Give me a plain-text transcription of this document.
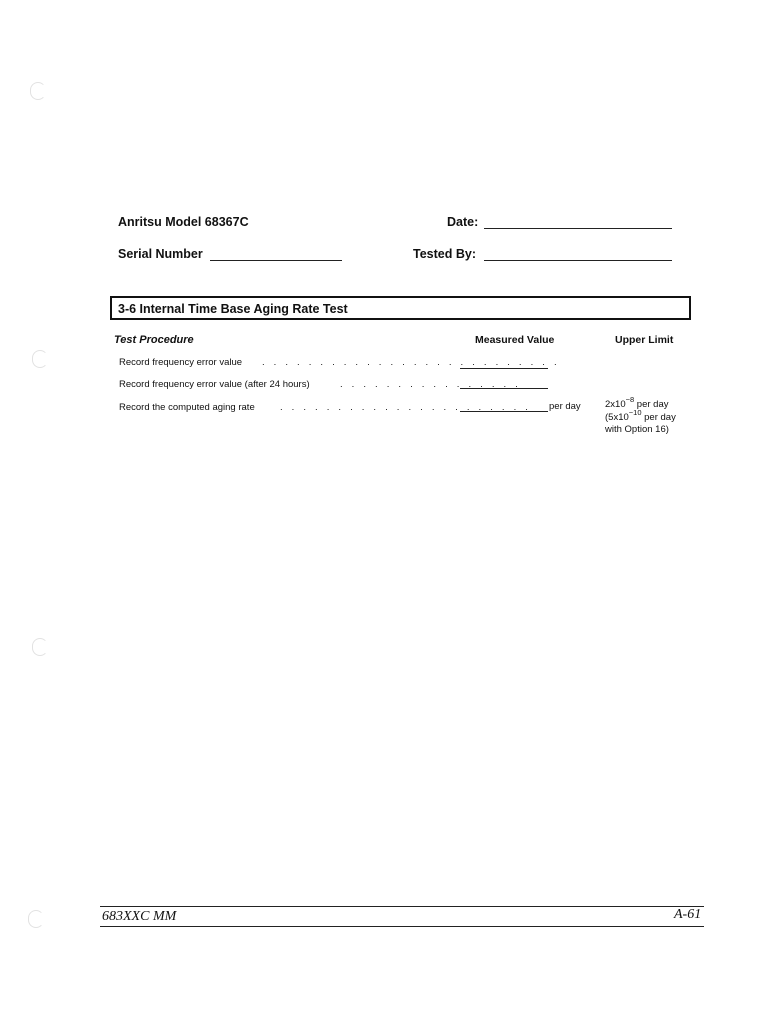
Anritsu Model 68367C	Date:
Serial Number	Tested By:
3-6 Internal Time Base Aging Rate Test
Test Procedure	Measured Value	Upper Limit
Record frequency error value . . . . . . . . . . . . . . . . . . . . . . . . . .
Record frequency error value (after 24 hours)	. . . . . . . . . . . . . . . .
Record the computed aging rate	. . . . . . . . . . . . . . . . . . . . . . per day	$2x10^{-8}$ per day
($5x10^{-10}$ per day
with Option 16)
683XXC MM	A-61
